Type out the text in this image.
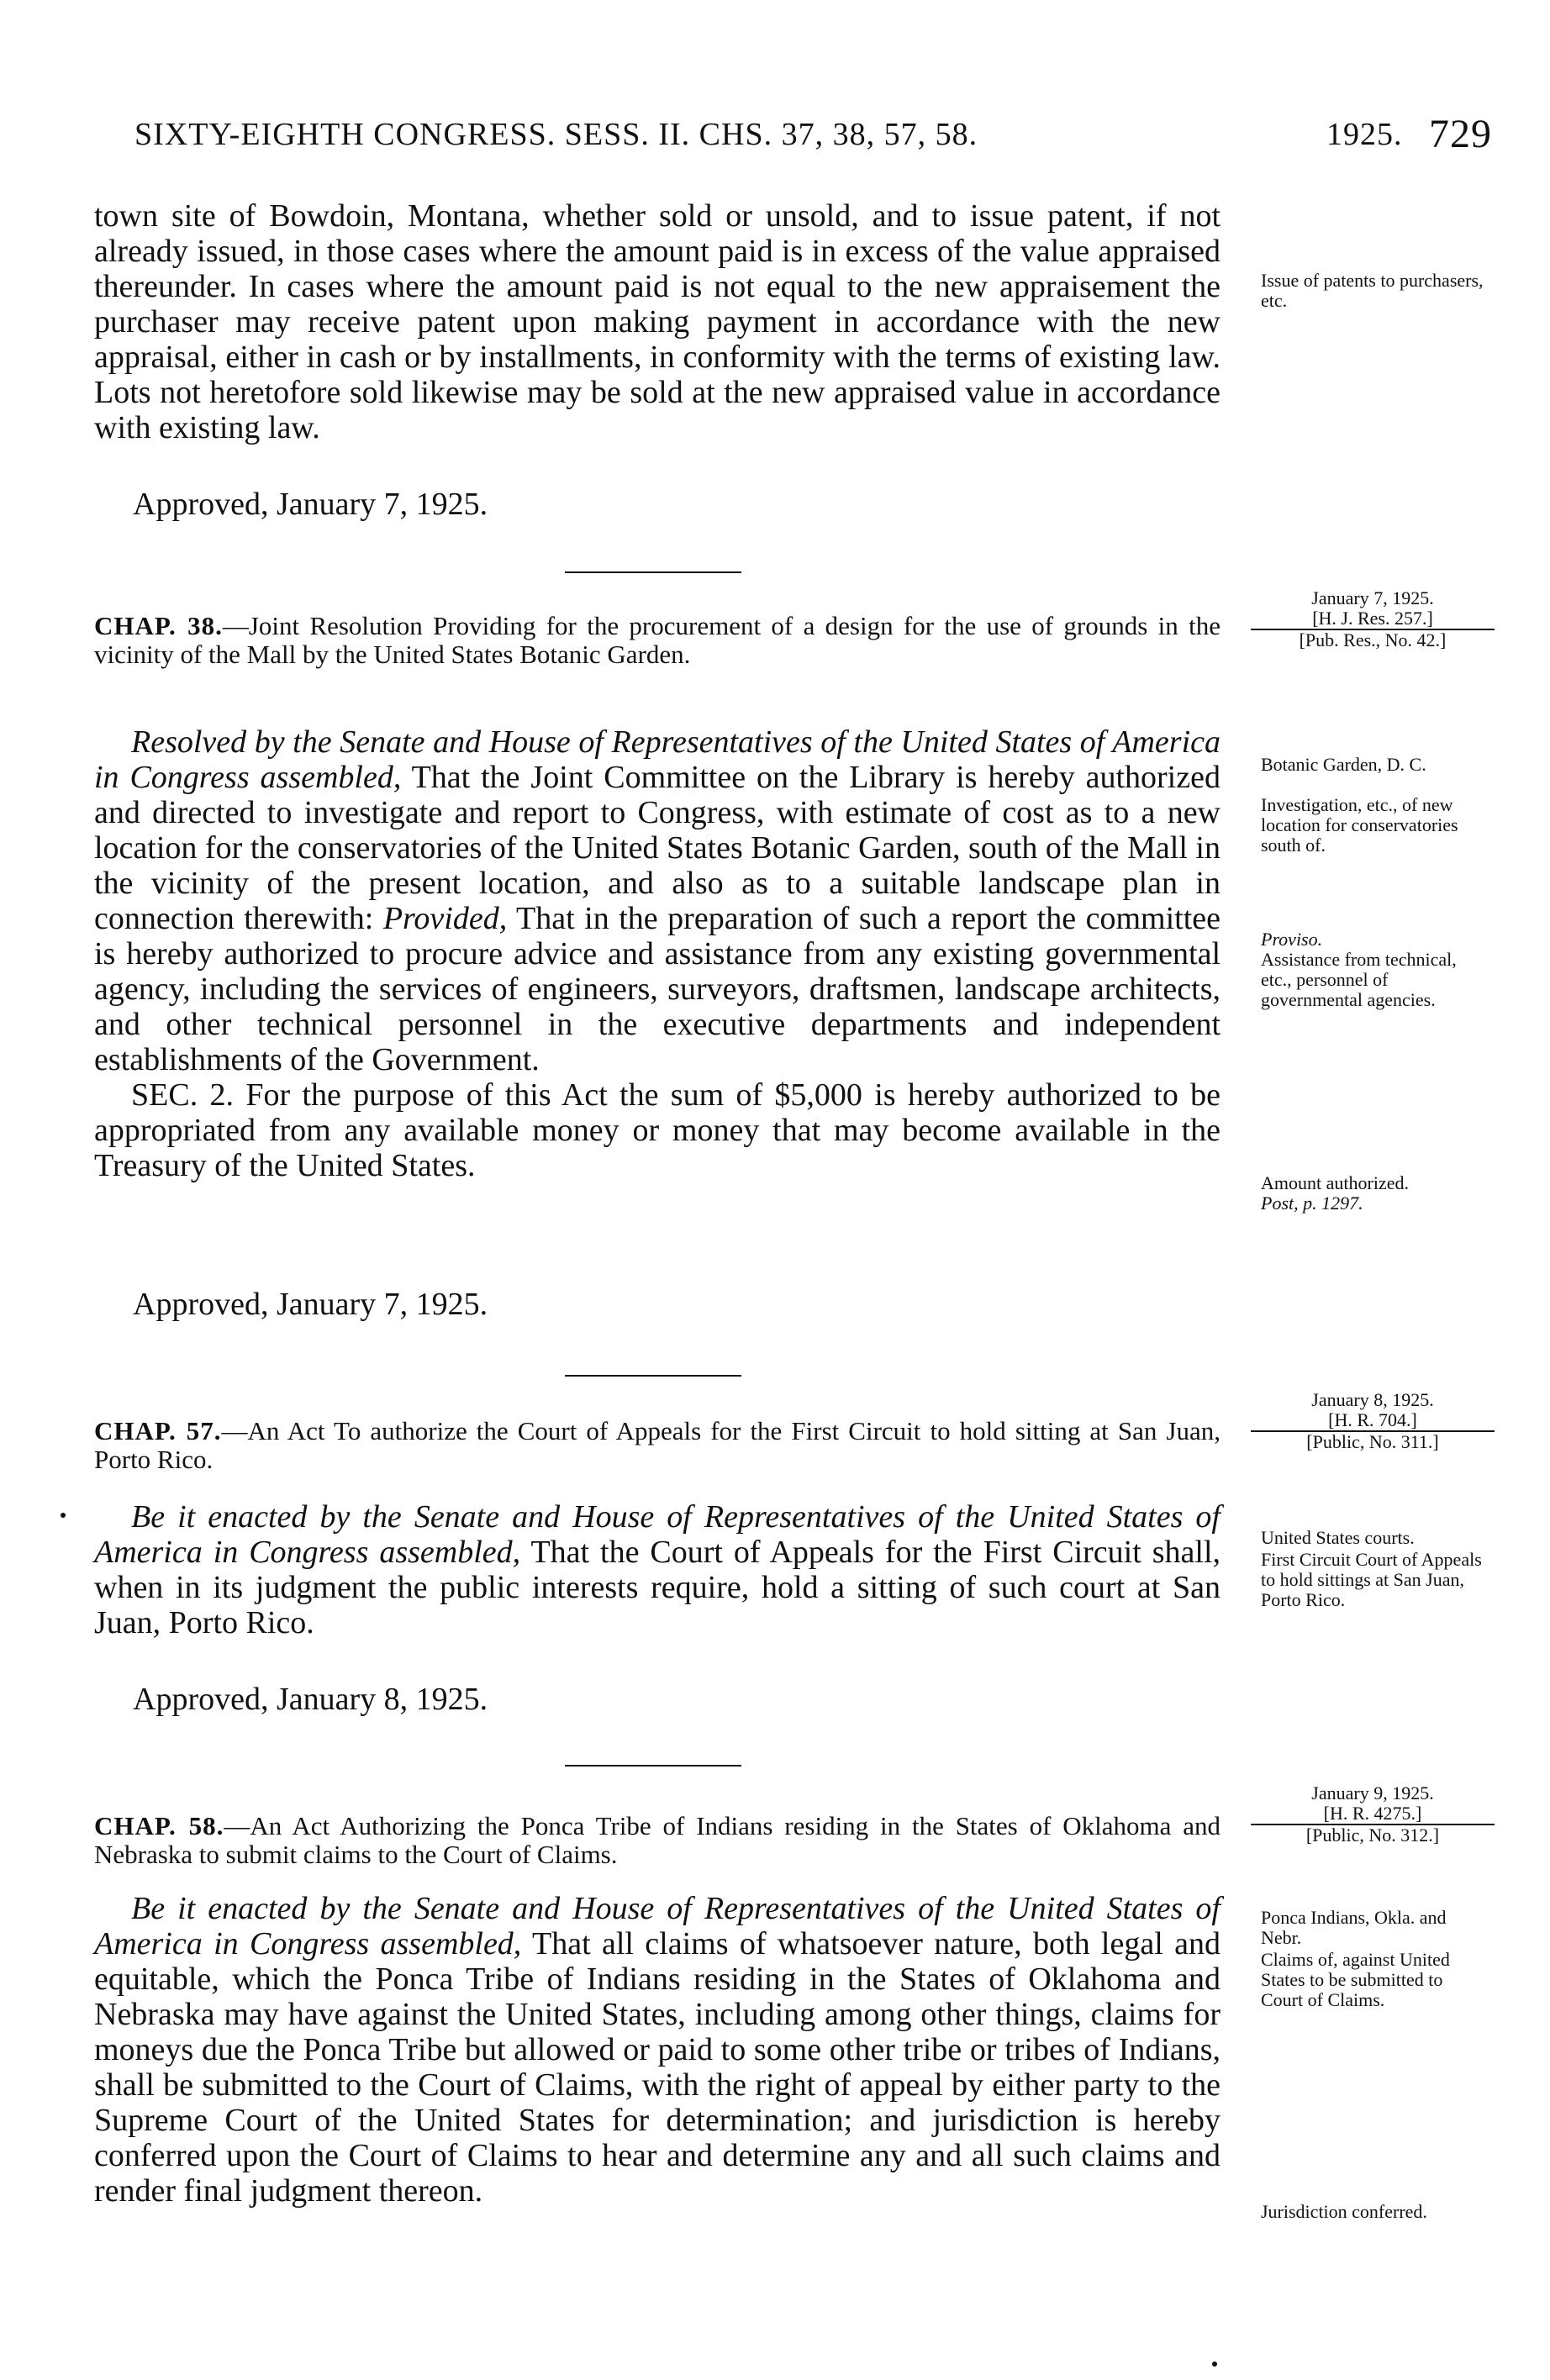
SIXTY-EIGHTH CONGRESS. SESS. II. CHS. 37, 38, 57, 58.	1925. 729

town site of Bowdoin, Montana, whether sold or unsold, and to issue patent, if not already issued, in those cases where the amount paid is in excess of the value appraised thereunder. In cases where the amount paid is not equal to the new appraisement the purchaser may receive patent upon making payment in accordance with the new appraisal, either in cash or by installments, in conformity with the terms of existing law. Lots not heretofore sold likewise may be sold at the new appraised value in accordance with existing law.

Approved, January 7, 1925.
Issue of patents to purchasers, etc.
January 7, 1925.

[H. J. Res. 257.]
[Pub. Res., No. 42.]
CHAP. 38.—Joint Resolution Providing for the procurement of a design for the use of grounds in the vicinity of the Mall by the United States Botanic Garden.

Resolved by the Senate and House of Representatives of the United States of America in Congress assembled, That the Joint Committee on the Library is hereby authorized and directed to investigate and report to Congress, with estimate of cost as to a new location for the conservatories of the United States Botanic Garden, south of the Mall in the vicinity of the present location, and also as to a suitable landscape plan in connection therewith: Provided, That in the preparation of such a report the committee is hereby authorized to procure advice and assistance from any existing governmental agency, including the services of engineers, surveyors, draftsmen, landscape architects, and other technical personnel in the executive departments and independent establishments of the Government.

SEC. 2. For the purpose of this Act the sum of $5,000 is hereby authorized to be appropriated from any available money or money that may become available in the Treasury of the United States.

Approved, January 7, 1925.
Botanic Garden, D. C.
Investigation, etc., of new location for conservatories south of.
Proviso.
Assistance from technical, etc., personnel of governmental agencies.
Amount authorized.
Post, p. 1297.
January 8, 1925.

[H. R. 704.]
[Public, No. 311.]
CHAP. 57.—An Act To authorize the Court of Appeals for the First Circuit to hold sitting at San Juan, Porto Rico.

Be it enacted by the Senate and House of Representatives of the United States of America in Congress assembled, That the Court of Appeals for the First Circuit shall, when in its judgment the public interests require, hold a sitting of such court at San Juan, Porto Rico.

Approved, January 8, 1925.
United States courts.
First Circuit Court of Appeals to hold sittings at San Juan, Porto Rico.
January 9, 1925.

[H. R. 4275.]
[Public, No. 312.]
CHAP. 58.—An Act Authorizing the Ponca Tribe of Indians residing in the States of Oklahoma and Nebraska to submit claims to the Court of Claims.

Be it enacted by the Senate and House of Representatives of the United States of America in Congress assembled, That all claims of whatsoever nature, both legal and equitable, which the Ponca Tribe of Indians residing in the States of Oklahoma and Nebraska may have against the United States, including among other things, claims for moneys due the Ponca Tribe but allowed or paid to some other tribe or tribes of Indians, shall be submitted to the Court of Claims, with the right of appeal by either party to the Supreme Court of the United States for determination; and jurisdiction is hereby conferred upon the Court of Claims to hear and determine any and all such claims and render final judgment thereon.

Ponca Indians, Okla. and Nebr.
Claims of, against United States to be submitted to Court of Claims.
Jurisdiction conferred.
